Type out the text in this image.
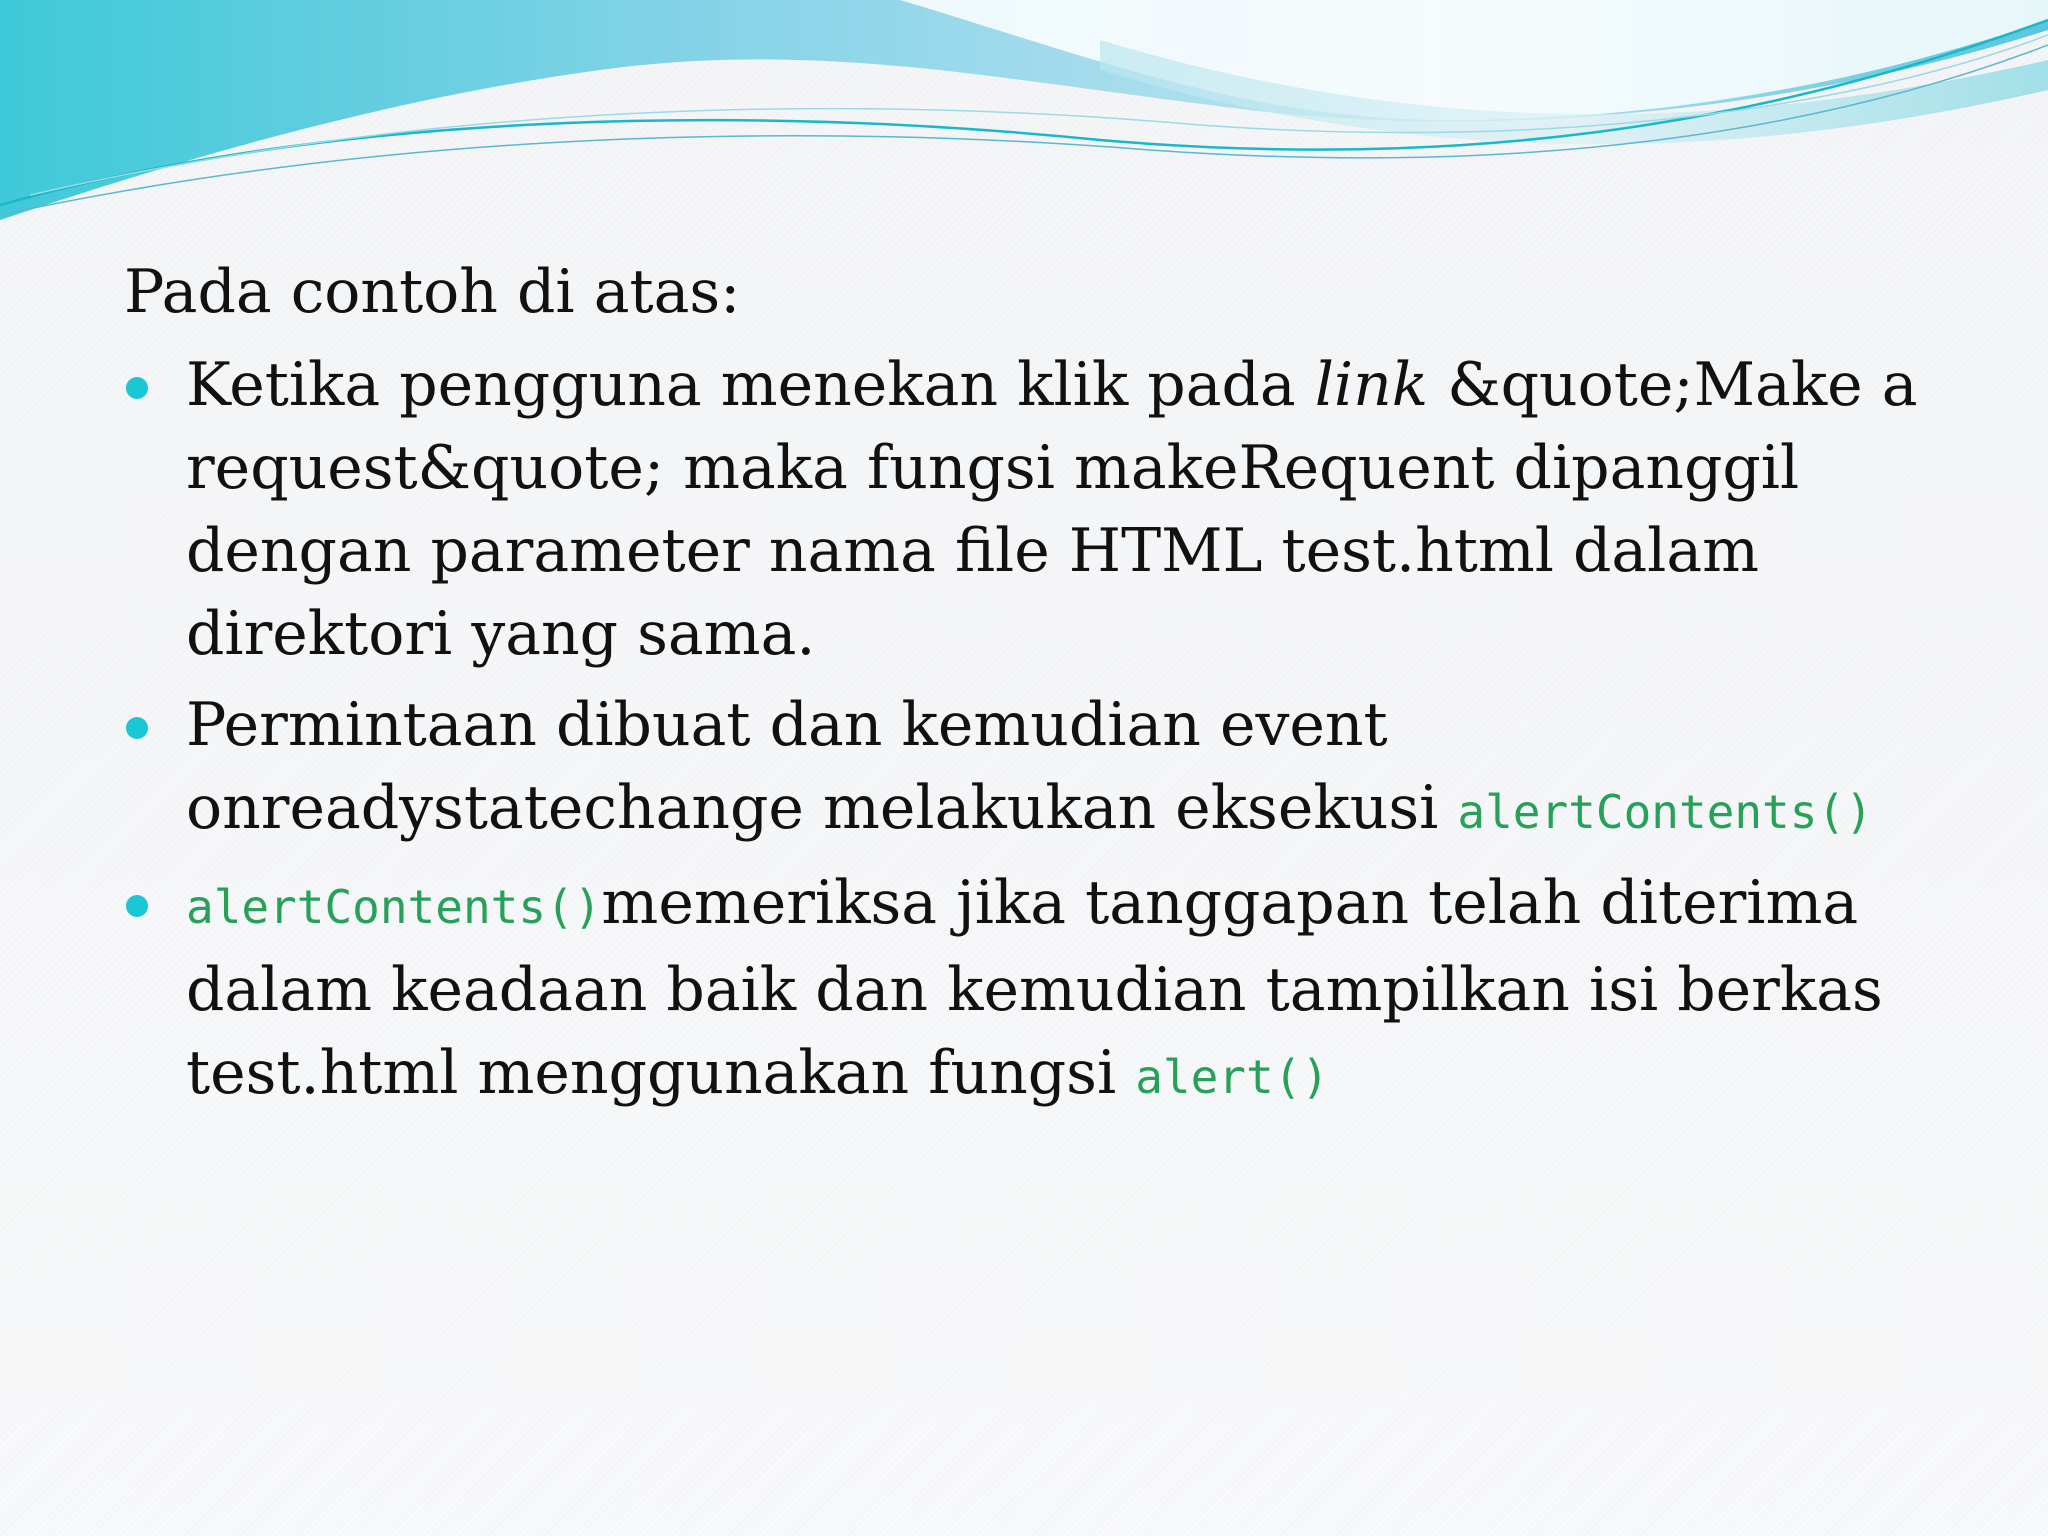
Pada contoh di atas:
Ketika pengguna menekan klik pada link &quote;Make a
request&quote; maka fungsi makeRequent dipanggil
dengan parameter nama file HTML test.html dalam
direktori yang sama.
Permintaan dibuat dan kemudian event
onreadystatechange melakukan eksekusi alertContents()
alertContents()memeriksa jika tanggapan telah diterima
dalam keadaan baik dan kemudian tampilkan isi berkas
test.html menggunakan fungsi alert()
